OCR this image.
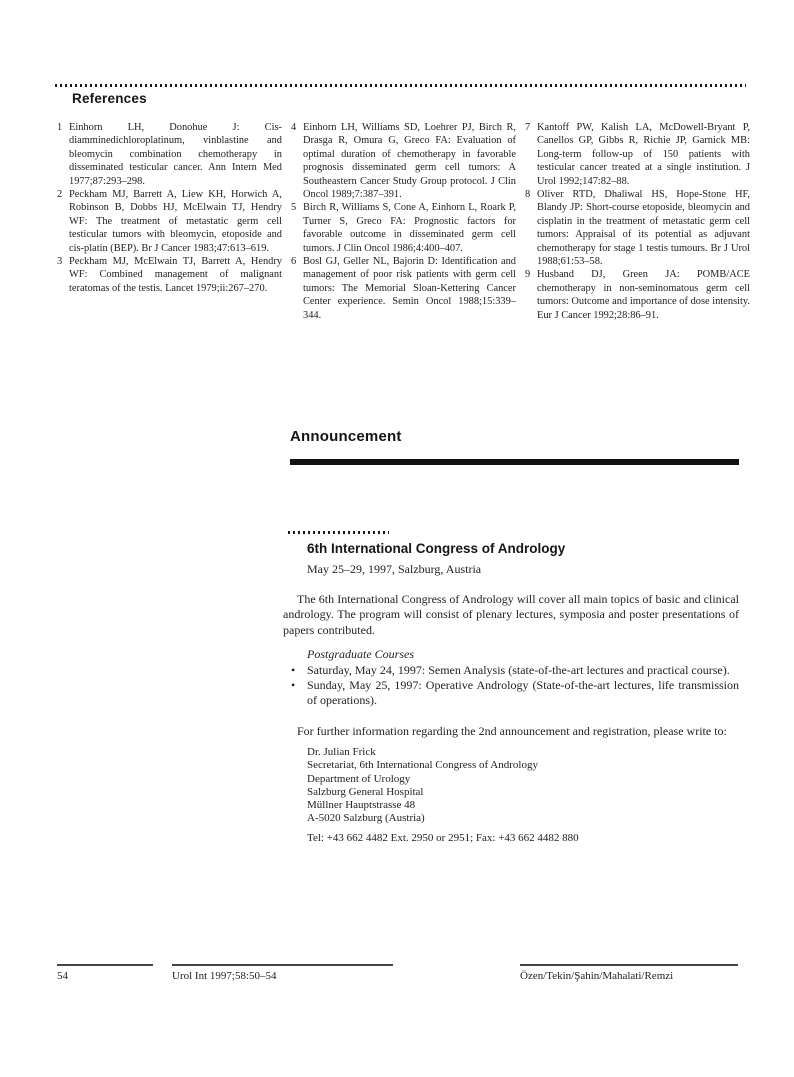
References
1 Einhorn LH, Donohue J: Cis-diamminedichloroplatinum, vinblastine and bleomycin combination chemotherapy in disseminated testicular cancer. Ann Intern Med 1977;87:293–298.
2 Peckham MJ, Barrett A, Liew KH, Horwich A, Robinson B, Dobbs HJ, McElwain TJ, Hendry WF: The treatment of metastatic germ cell testicular tumors with bleomycin, etoposide and cis-platin (BEP). Br J Cancer 1983;47:613–619.
3 Peckham MJ, McElwain TJ, Barrett A, Hendry WF: Combined management of malignant teratomas of the testis. Lancet 1979;ii:267–270.
4 Einhorn LH, Williams SD, Loehrer PJ, Birch R, Drasga R, Omura G, Greco FA: Evaluation of optimal duration of chemotherapy in favorable prognosis disseminated germ cell tumors: A Southeastern Cancer Study Group protocol. J Clin Oncol 1989;7:387–391.
5 Birch R, Williams S, Cone A, Einhorn L, Roark P, Turner S, Greco FA: Prognostic factors for favorable outcome in disseminated germ cell tumors. J Clin Oncol 1986;4:400–407.
6 Bosl GJ, Geller NL, Bajorin D: Identification and management of poor risk patients with germ cell tumors: The Memorial Sloan-Kettering Cancer Center experience. Semin Oncol 1988;15:339–344.
7 Kantoff PW, Kalish LA, McDowell-Bryant P, Canellos GP, Gibbs R, Richie JP, Garnick MB: Long-term follow-up of 150 patients with testicular cancer treated at a single institution. J Urol 1992;147:82–88.
8 Oliver RTD, Dhaliwal HS, Hope-Stone HF, Blandy JP: Short-course etoposide, bleomycin and cisplatin in the treatment of metastatic germ cell tumors: Appraisal of its potential as adjuvant chemotherapy for stage 1 testis tumours. Br J Urol 1988;61:53–58.
9 Husband DJ, Green JA: POMB/ACE chemotherapy in non-seminomatous germ cell tumors: Outcome and importance of dose intensity. Eur J Cancer 1992;28:86–91.
Announcement
6th International Congress of Andrology
May 25–29, 1997, Salzburg, Austria
The 6th International Congress of Andrology will cover all main topics of basic and clinical andrology. The program will consist of plenary lectures, symposia and poster presentations of papers contributed.
Postgraduate Courses
• Saturday, May 24, 1997: Semen Analysis (state-of-the-art lectures and practical course).
• Sunday, May 25, 1997: Operative Andrology (State-of-the-art lectures, life transmission of operations).
For further information regarding the 2nd announcement and registration, please write to:
Dr. Julian Frick
Secretariat, 6th International Congress of Andrology
Department of Urology
Salzburg General Hospital
Müllner Hauptstrasse 48
A-5020 Salzburg (Austria)
Tel: +43 662 4482 Ext. 2950 or 2951; Fax: +43 662 4482 880
54	Urol Int 1997;58:50–54	Özen/Tekin/Şahin/Mahalati/Remzi
